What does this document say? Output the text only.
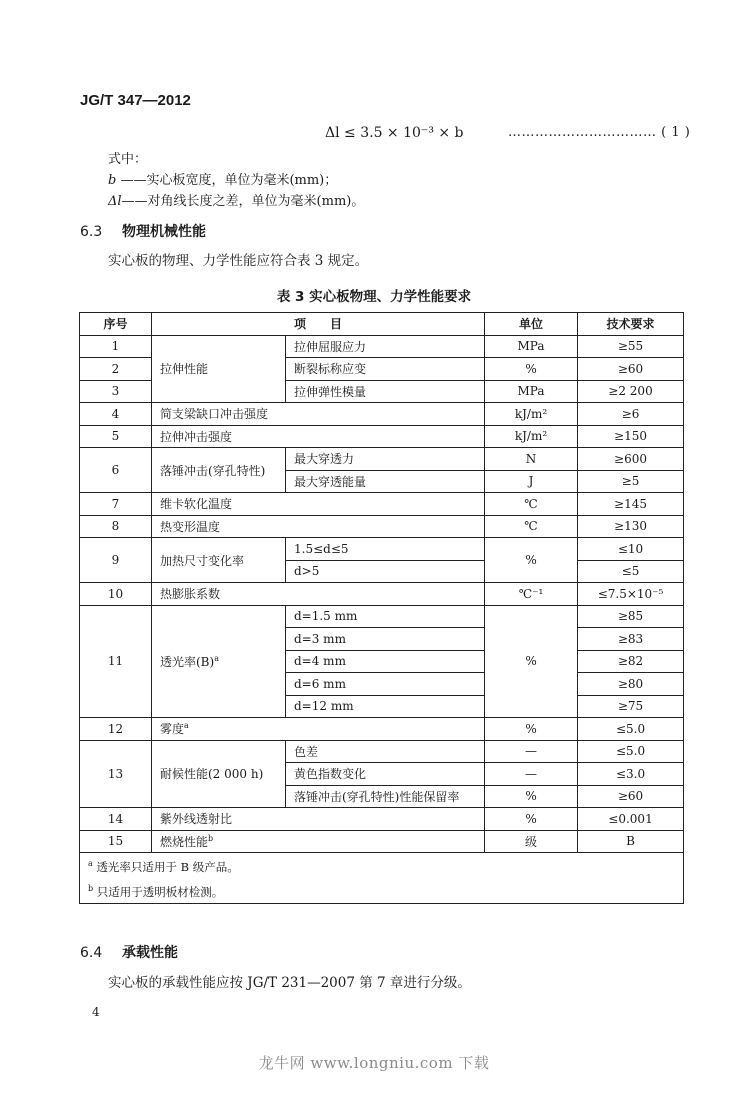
JG/T 347—2012
Δl ≤ 3.5 × 10⁻³ × b	…………………………… ( 1 )
式中：
b ——实心板宽度，单位为毫米(mm)；
Δl——对角线长度之差，单位为毫米(mm)。
6.3 物理机械性能
实心板的物理、力学性能应符合表 3 规定。
表 3 实心板物理、力学性能要求
序号	项　　目		单位	技术要求
1	拉伸性能	拉伸屈服应力	MPa	≥55
2		断裂标称应变	%	≥60
3		拉伸弹性模量	MPa	≥2 200
4	简支梁缺口冲击强度		kJ/m²	≥6
5	拉伸冲击强度		kJ/m²	≥150
6	落锤冲击(穿孔特性)	最大穿透力	N	≥600
		最大穿透能量	J	≥5
7	维卡软化温度		℃	≥145
8	热变形温度		℃	≥130
9	加热尺寸变化率	1.5≤d≤5	%	≤10
		d>5		≤5
10	热膨胀系数		℃⁻¹	≤7.5×10⁻⁵
11	透光率$(B)^a$	d=1.5 mm	%	≥85
		d=3 mm		≥83
		d=4 mm		≥82
		d=6 mm		≥80
		d=12 mm		≥75
12	雾度$^a$		%	≤5.0
13	耐候性能(2 000 h)	色差	—	≤5.0
		黄色指数变化	—	≤3.0
		落锤冲击(穿孔特性)性能保留率	%	≥60
14	紫外线透射比		%	≤0.001
15	燃烧性能$^b$		级	B

$^a$ 透光率只适用于 B 级产品。
$^b$ 只适用于透明板材检测。				
6.4 承载性能
实心板的承载性能应按 JG/T 231—2007 第 7 章进行分级。
4
龙牛网 www.longniu.com 下载
